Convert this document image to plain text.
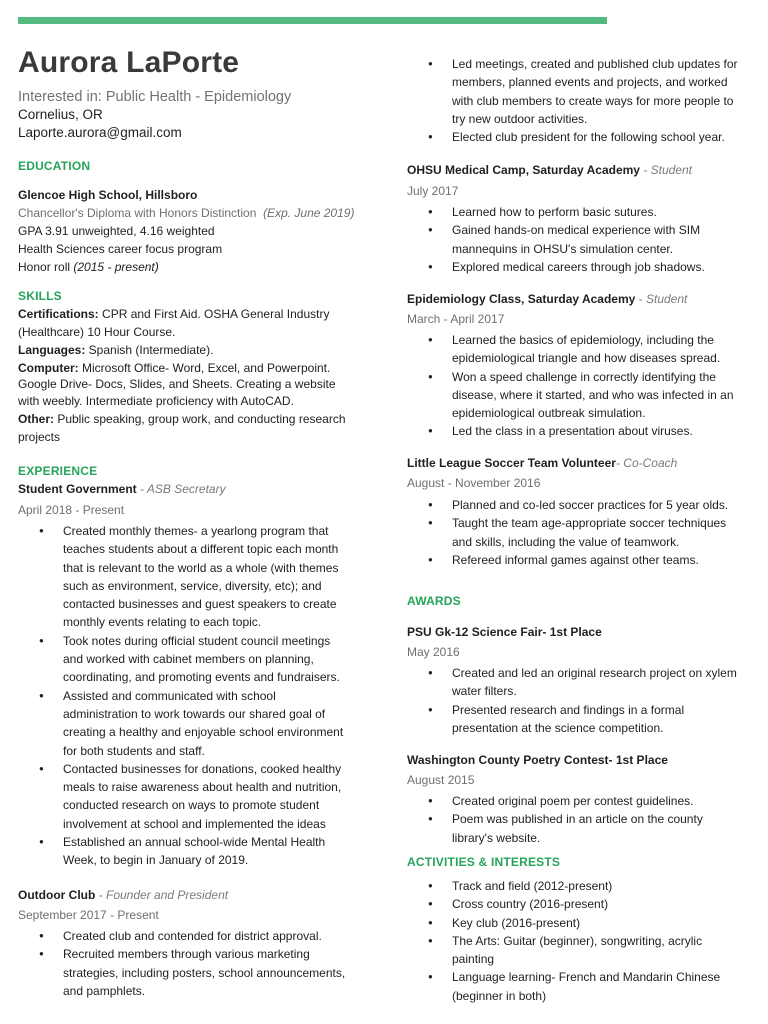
Aurora LaPorte
Interested in: Public Health - Epidemiology
Cornelius, OR
Laporte.aurora@gmail.com
EDUCATION
Glencoe High School, Hillsboro
Chancellor's Diploma with Honors Distinction (Exp. June 2019)
GPA 3.91 unweighted, 4.16 weighted
Health Sciences career focus program
Honor roll (2015 - present)
SKILLS
Certifications: CPR and First Aid. OSHA General Industry
(Healthcare) 10 Hour Course.
Languages: Spanish (Intermediate).
Computer: Microsoft Office- Word, Excel, and Powerpoint.
Google Drive- Docs, Slides, and Sheets. Creating a website
with weebly. Intermediate proficiency with AutoCAD.
Other: Public speaking, group work, and conducting research
projects
EXPERIENCE
Student Government - ASB Secretary
April 2018 - Present
● Created monthly themes- a yearlong program that
teaches students about a different topic each month
that is relevant to the world as a whole (with themes
such as environment, service, diversity, etc); and
contacted businesses and guest speakers to create
monthly events relating to each topic.
● Took notes during official student council meetings
and worked with cabinet members on planning,
coordinating, and promoting events and fundraisers.
● Assisted and communicated with school
administration to work towards our shared goal of
creating a healthy and enjoyable school environment
for both students and staff.
● Contacted businesses for donations, cooked healthy
meals to raise awareness about health and nutrition,
conducted research on ways to promote student
involvement at school and implemented the ideas
● Established an annual school-wide Mental Health
Week, to begin in January of 2019.
Outdoor Club - Founder and President
September 2017 - Present
● Created club and contended for district approval.
● Recruited members through various marketing
strategies, including posters, school announcements,
and pamphlets.
● Led meetings, created and published club updates for
members, planned events and projects, and worked
with club members to create ways for more people to
try new outdoor activities.
● Elected club president for the following school year.
OHSU Medical Camp, Saturday Academy - Student
July 2017
● Learned how to perform basic sutures.
● Gained hands-on medical experience with SIM
mannequins in OHSU's simulation center.
● Explored medical careers through job shadows.
Epidemiology Class, Saturday Academy - Student
March - April 2017
● Learned the basics of epidemiology, including the
epidemiological triangle and how diseases spread.
● Won a speed challenge in correctly identifying the
disease, where it started, and who was infected in an
epidemiological outbreak simulation.
● Led the class in a presentation about viruses.
Little League Soccer Team Volunteer- Co-Coach
August - November 2016
● Planned and co-led soccer practices for 5 year olds.
● Taught the team age-appropriate soccer techniques
and skills, including the value of teamwork.
● Refereed informal games against other teams.
AWARDS
PSU Gk-12 Science Fair- 1st Place
May 2016
● Created and led an original research project on xylem
water filters.
● Presented research and findings in a formal
presentation at the science competition.
Washington County Poetry Contest- 1st Place
August 2015
● Created original poem per contest guidelines.
● Poem was published in an article on the county
library's website.
ACTIVITIES & INTERESTS
● Track and field (2012-present)
● Cross country (2016-present)
● Key club (2016-present)
● The Arts: Guitar (beginner), songwriting, acrylic
painting
● Language learning- French and Mandarin Chinese
(beginner in both)
